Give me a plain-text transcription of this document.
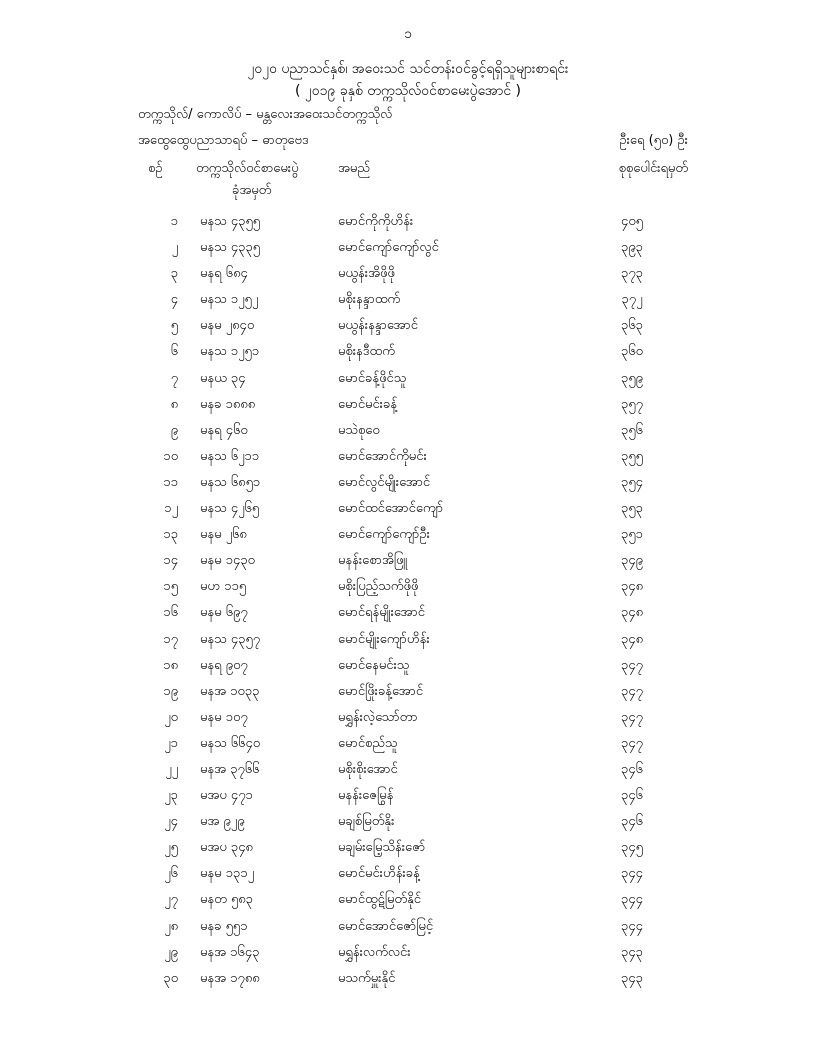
၁
၂၀၂၀ ပညာသင်နှစ်၊ အဝေးသင် သင်တန်းဝင်ခွင့်ရရှိသူများစာရင်း
( ၂၀၁၉ ခုနှစ် တက္ကသိုလ်ဝင်စာမေးပွဲအောင် )
တက္ကသိုလ်/ ကောလိပ် – မန္တလေးအဝေးသင်တက္ကသိုလ်
အထွေထွေပညာသာရပ် – ဓာတုဗေဒ	ဦးရေ (၅၀) ဦး
စဉ်	တက္ကသိုလ်ဝင်စာမေးပွဲ
ခုံအမှတ်
အမည်	စုစုပေါင်းရမှတ်
၁ မနသ ၄၃၅၅	မောင်ကိုကိုဟိန်း	၄၀၅
၂ မနသ ၄၃၃၅	မောင်ကျော်ကျော်လွင်	၃၉၃
၃ မနရ ၆၈၄	မယွန်းအိဖိုဖို	၃၇၃
၄ မနသ ၁၂၅၂	မစိုးနန္ဒာထက်	၃၇၂
၅ မနမ ၂၈၄၀	မယွန်းနန္ဒာအောင်	၃၆၃
၆ မနသ ၁၂၅၁	မစိုးနဒီထက်	၃၆၀
၇ မနယ ၃၄	မောင်ခန့်ဖိုင်သူ	၃၅၉
၈ မနခ ၁၈၈၈	မောင်မင်းခန့်	၃၅၇
၉ မနရ ၄၆၀	မသဲစုဝေ	၃၅၆
၁၀ မနသ ၆၂၁၁	မောင်အောင်ကိုမင်း	၃၅၅
၁၁ မနသ ၆၈၅၁	မောင်လွင်မျိုးအောင်	၃၅၄
၁၂ မနသ ၄၂၆၅	မောင်ထင်အောင်ကျော်	၃၅၃
၁၃ မနမ ၂၆၈	မောင်ကျော်ကျော်ဦး	၃၅၁
၁၄ မနမ ၁၄၃၀	မနန်းစောအိဖြူ	၃၄၉
၁၅ မဟ ၁၁၅	မစိုးပြည့်သက်ဖိုဖို	၃၄၈
၁၆ မနမ ၆၉၇	မောင်ရန်မျိုးအောင်	၃၄၈
၁၇ မနသ ၄၃၅၇	မောင်မျိုးကျော်ဟိန်း	၃၄၈
၁၈ မနရ ၉၀၇	မောင်နေမင်းသူ	၃၄၇
၁၉ မနအ ၁၀၃၃	မောင်ဖြိုးခန့်အောင်	၃၄၇
၂၀ မနမ ၁၀၇	မရွှန်းလဲ့သော်တာ	၃၄၇
၂၁ မနသ ၆၆၄၀	မောင်စည်သူ	၃၄၇
၂၂ မနအ ၃၇၆၆	မစိုးစိုးအောင်	၃၄၆
၂၃ မအပ ၄၇၁	မနန်းဇေမြွန်	၃၄၆
၂၄ မအ ၉၂၉	မချစ်မြတ်နိုး	၃၄၆
၂၅ မအပ ၃၄၈	မချမ်းမြေ့သိန်းဇော်	၃၄၅
၂၆ မနမ ၁၃၁၂	မောင်မင်းဟိန်းခန့်	၃၄၄
၂၇ မနတ ၅၈၃	မောင်ထွဋ်မြတ်နိုင်	၃၄၄
၂၈ မနခ ၅၅၁	မောင်အောင်ဇော်မြင့်	၃၄၄
၂၉ မနအ ၁၆၄၃	မရွှန်းလက်လင်း	၃၄၃
၃၀ မနအ ၁၇၈၈	မသက်မှူးနိုင်	၃၄၃
